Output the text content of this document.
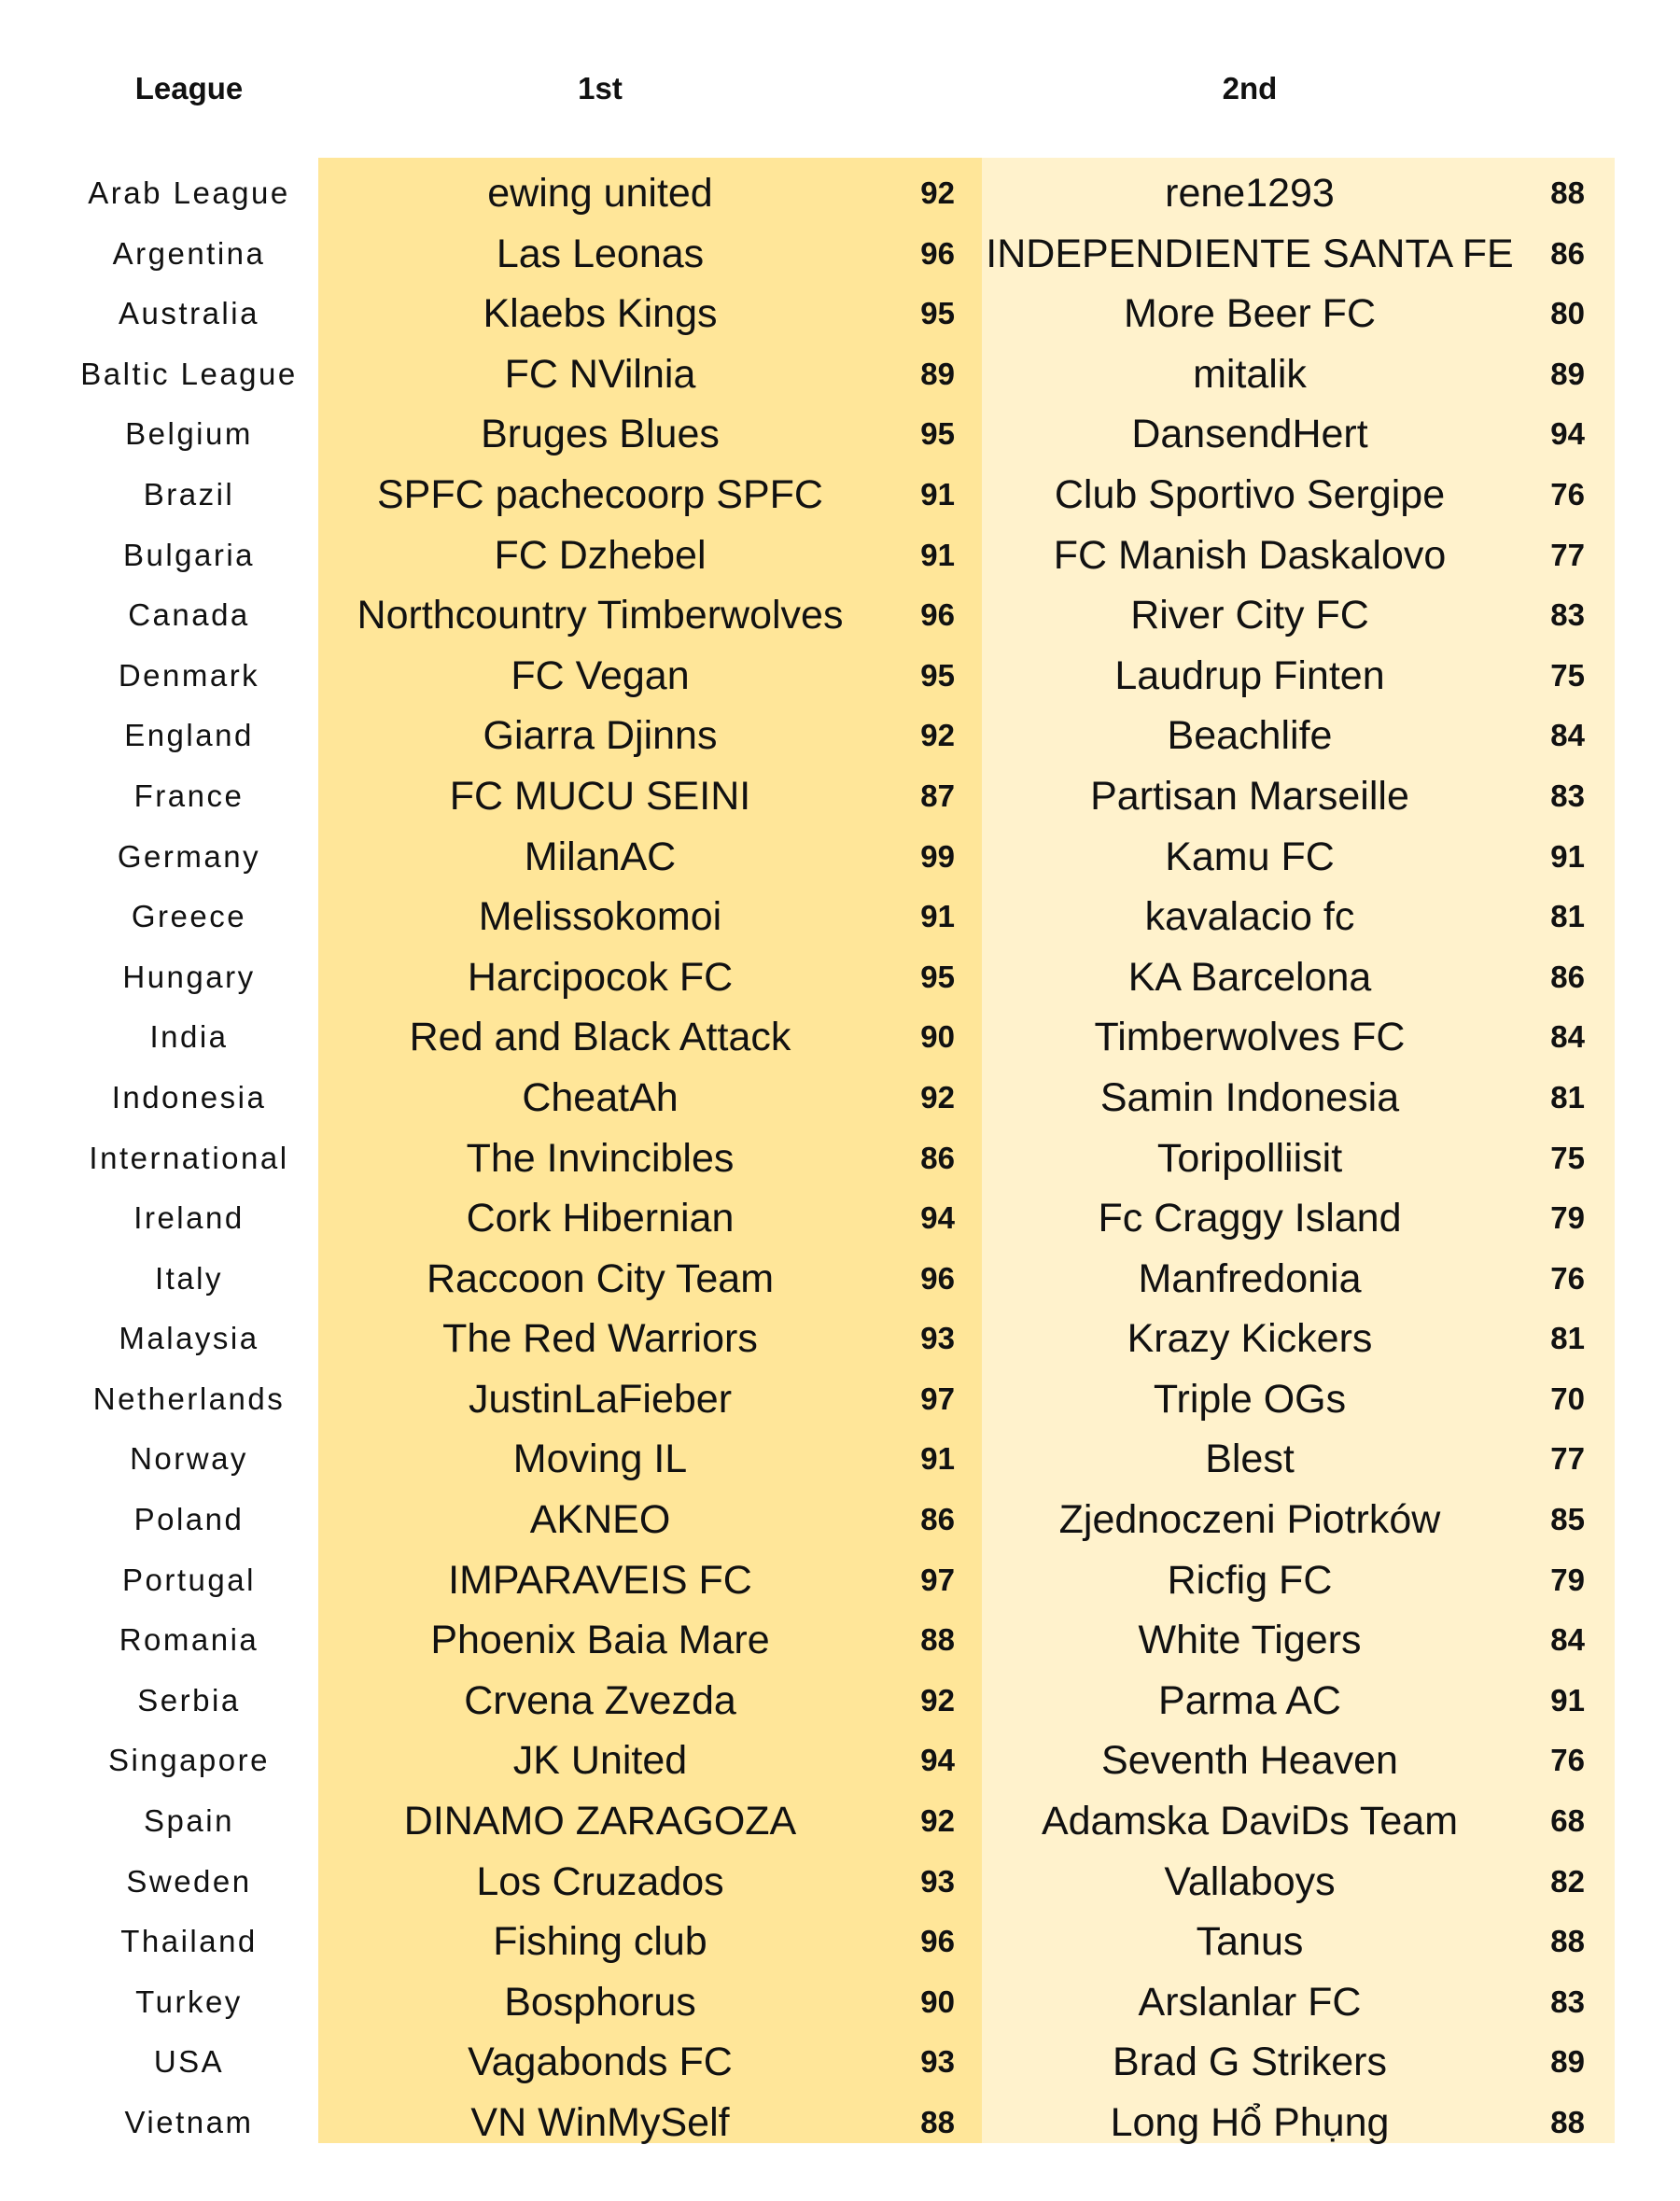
League	1st	2nd
Arab League	ewing united	92	rene1293	88
Argentina	Las Leonas	96 INDEPENDIENTE SANTA FE	86
Australia	Klaebs Kings	95	More Beer FC	80
Baltic League	FC NVilnia	89	mitalik	89
Belgium	Bruges Blues	95	DansendHert	94
Brazil	SPFC pachecoorp SPFC	91	Club Sportivo Sergipe	76
Bulgaria	FC Dzhebel	91	FC Manish Daskalovo	77
Canada	Northcountry Timberwolves	96	River City FC	83
Denmark	FC Vegan	95	Laudrup Finten	75
England	Giarra Djinns	92	Beachlife	84
France	FC MUCU SEINI	87	Partisan Marseille	83
Germany	MilanAC	99	Kamu FC	91
Greece	Melissokomoi	91	kavalacio fc	81
Hungary	Harcipocok FC	95	KA Barcelona	86
India	Red and Black Attack	90	Timberwolves FC	84
Indonesia	CheatAh	92	Samin Indonesia	81
International	The Invincibles	86	Toripolliisit	75
Ireland	Cork Hibernian	94	Fc Craggy Island	79
Italy	Raccoon City Team	96	Manfredonia	76
Malaysia	The Red Warriors	93	Krazy Kickers	81
Netherlands	JustinLaFieber	97	Triple OGs	70
Norway	Moving IL	91	Blest	77
Poland	AKNEO	86	Zjednoczeni Piotrków	85
Portugal	IMPARAVEIS FC	97	Ricfig FC	79
Romania	Phoenix Baia Mare	88	White Tigers	84
Serbia	Crvena Zvezda	92	Parma AC	91
Singapore	JK United	94	Seventh Heaven	76
Spain	DINAMO ZARAGOZA	92	Adamska DaviDs Team	68
Sweden	Los Cruzados	93	Vallaboys	82
Thailand	Fishing club	96	Tanus	88
Turkey	Bosphorus	90	Arslanlar FC	83
USA	Vagabonds FC	93	Brad G Strikers	89
Vietnam	VN WinMySelf	88	Long Hổ Phụng	88
